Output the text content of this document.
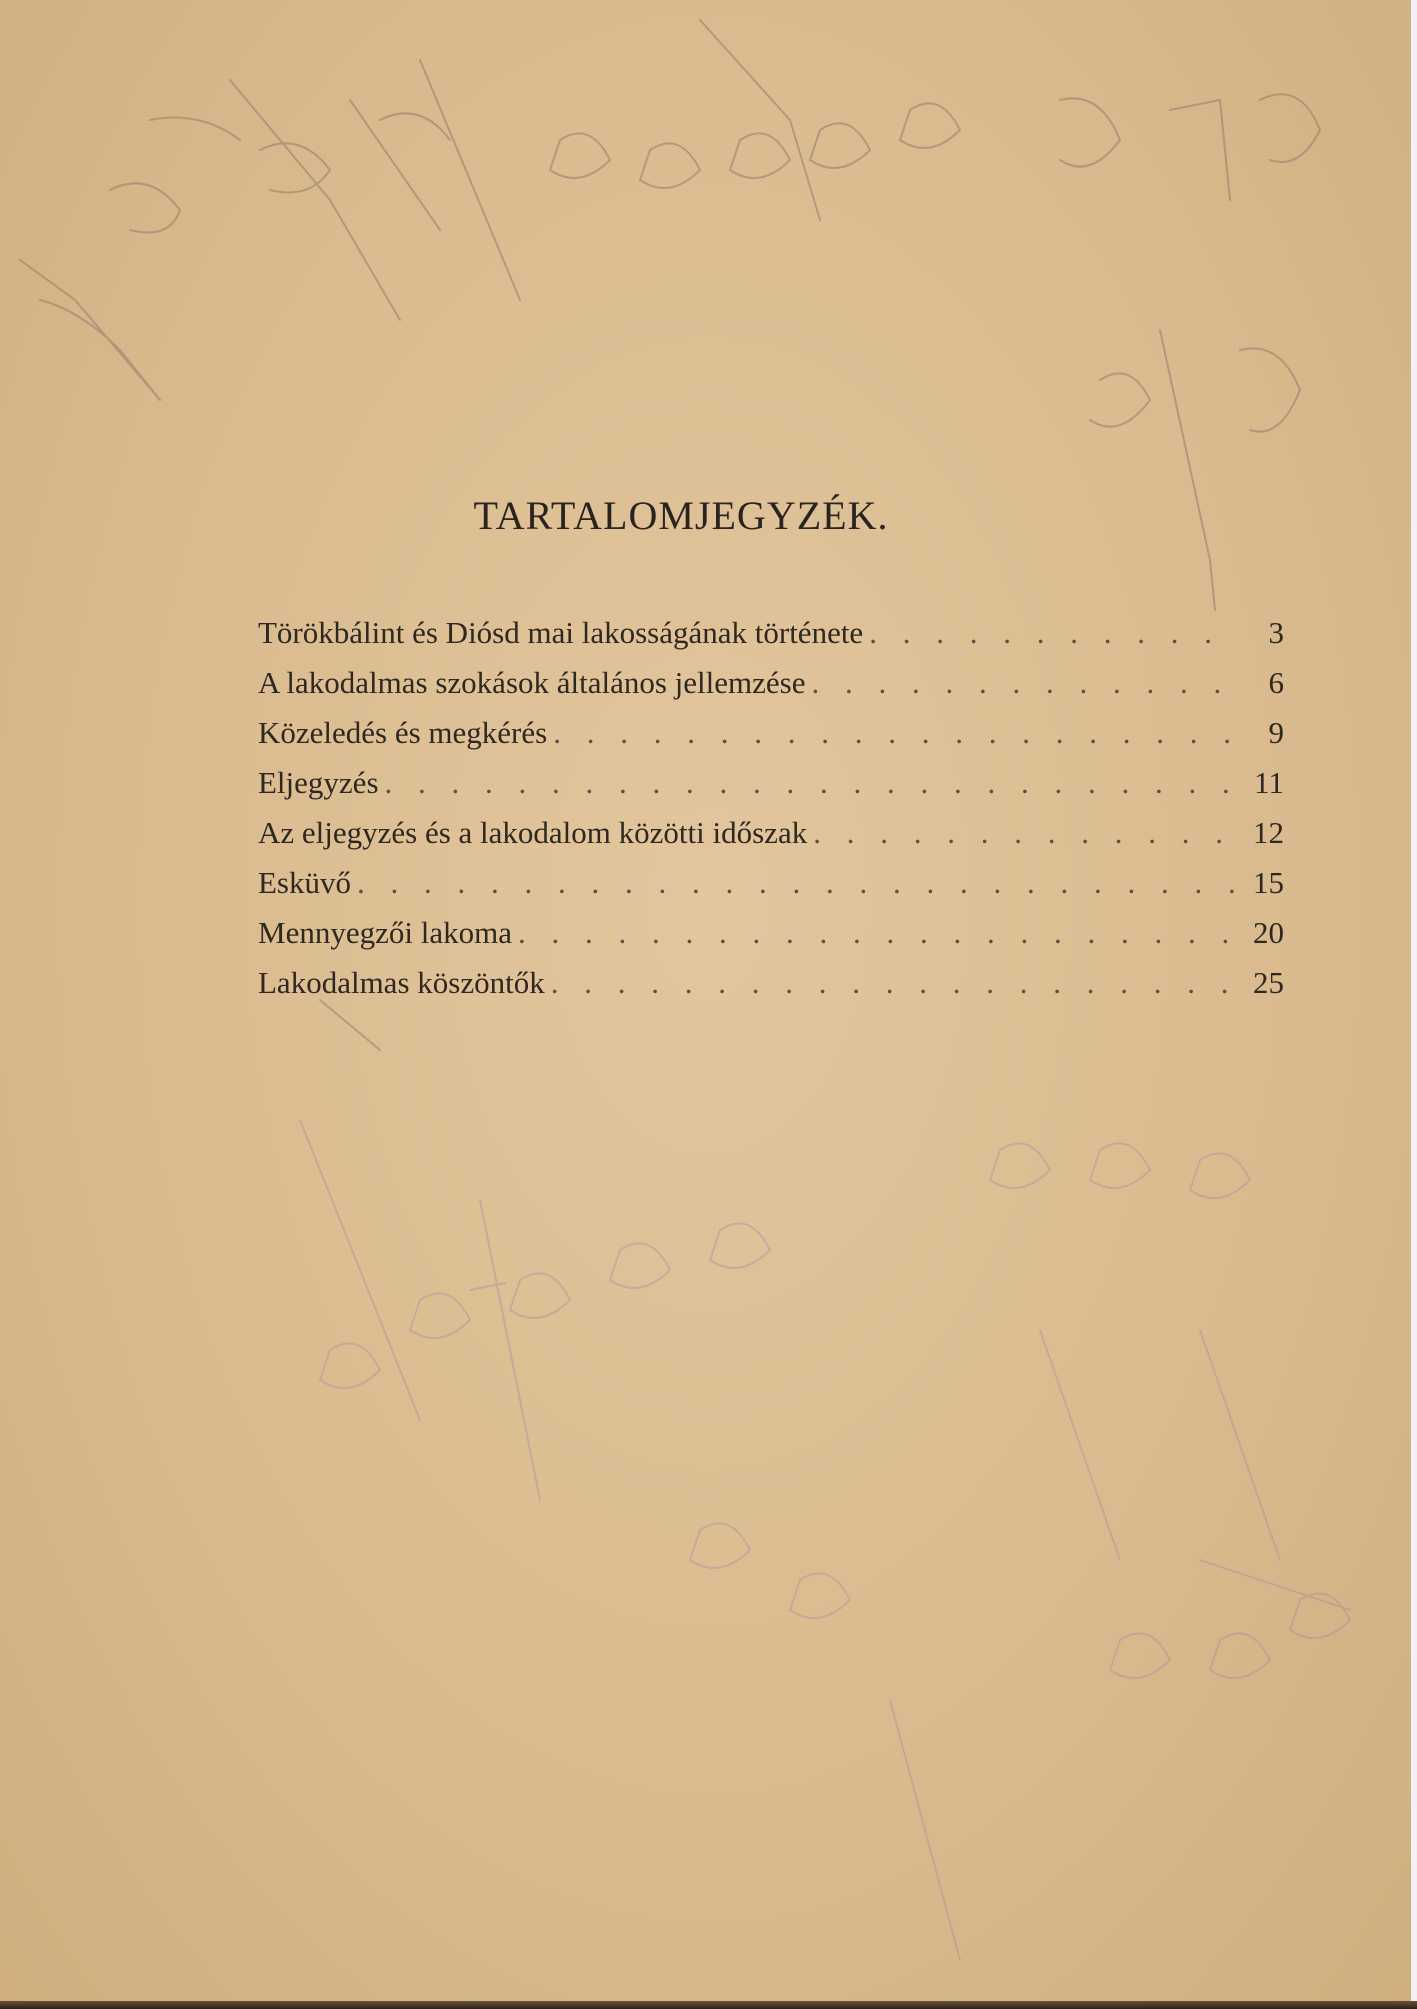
TARTALOMJEGYZÉK.
Törökbálint és Diósd mai lakosságának története . . .	3
A lakodalmas szokások általános jellemzése . . .	6
Közeledés és megkérés . . .	9
Eljegyzés . . .	11
Az eljegyzés és a lakodalom közötti időszak . . .	12
Esküvő . . .	15
Mennyegzői lakoma . . .	20
Lakodalmas köszöntők . . .	25
